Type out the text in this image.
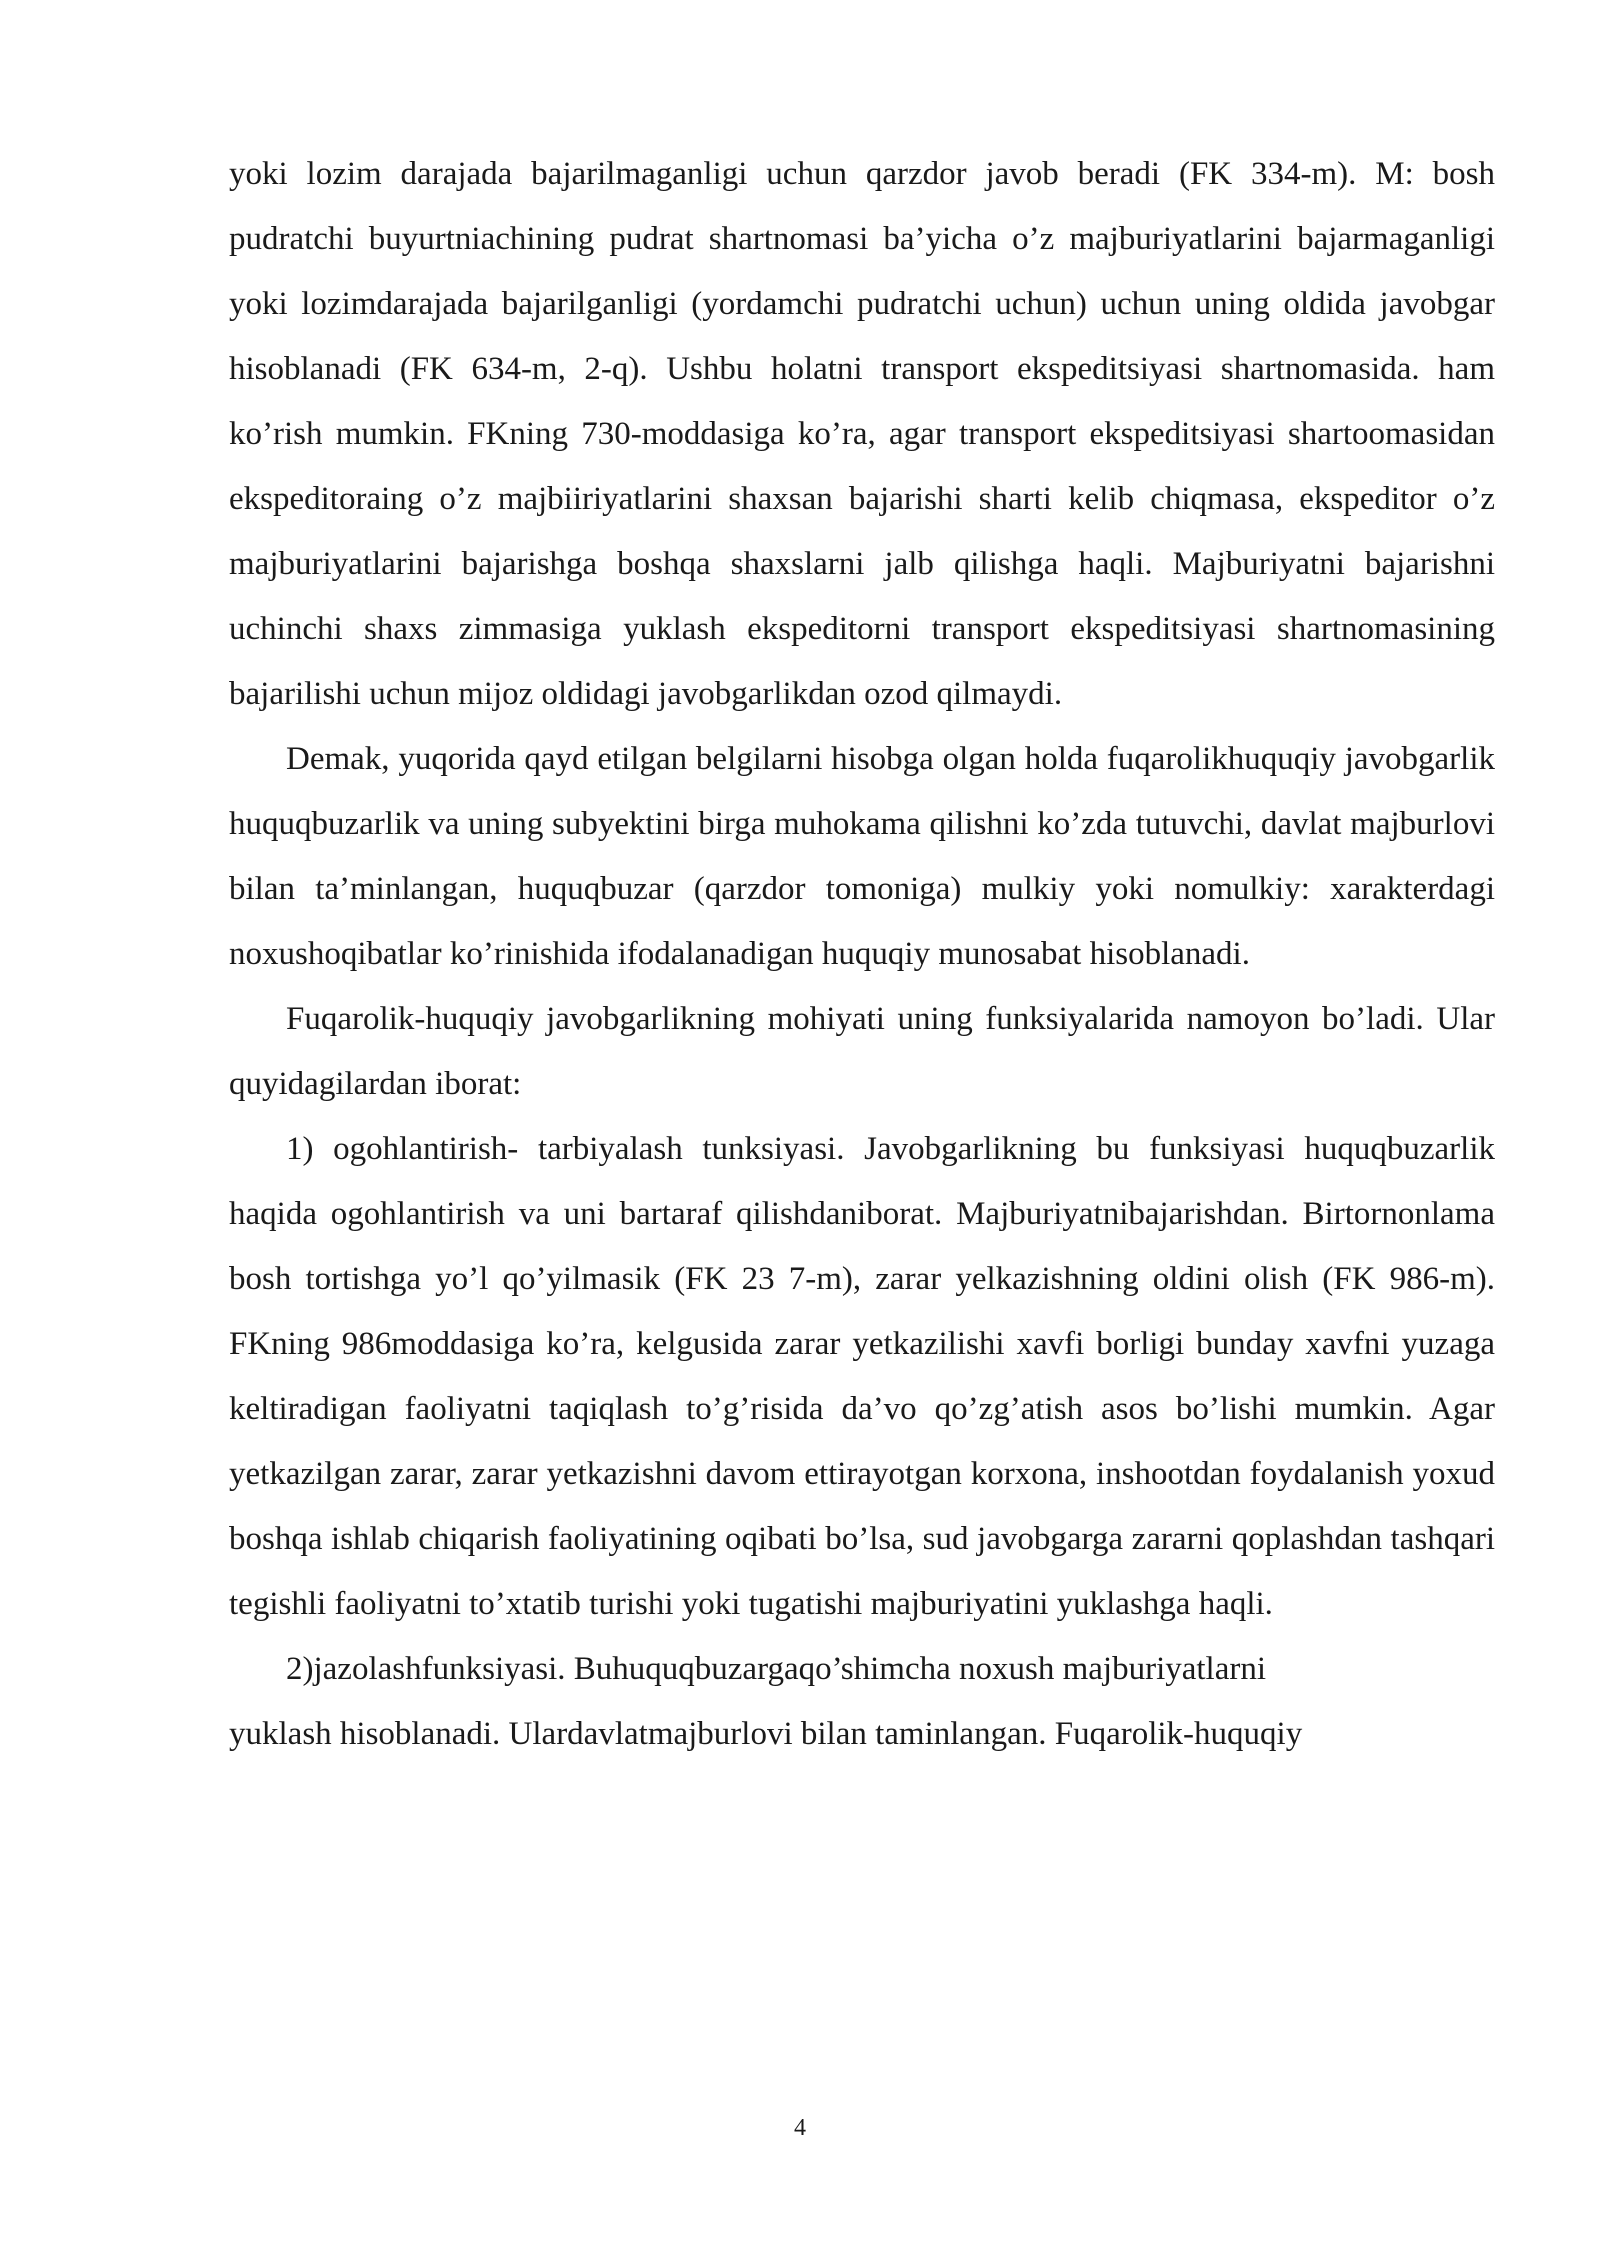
yoki lozim darajada bajarilmaganligi uchun qarzdor javob beradi (FK 334-m). M: bosh pudratchi buyurtniachining pudrat shartnomasi ba’yicha o’z majburiyatlarini bajarmaganligi yoki lozimdarajada bajarilganligi (yordamchi pudratchi uchun) uchun uning oldida javobgar hisoblanadi (FK 634-m, 2-q). Ushbu holatni transport ekspeditsiyasi shartnomasida. ham ko’rish mumkin. FKning 730-moddasiga ko’ra, agar transport ekspeditsiyasi shartoomasidan ekspeditoraing o’z majbiiriyatlarini shaxsan bajarishi sharti kelib chiqmasa, ekspeditor o’z majburiyatlarini bajarishga boshqa shaxslarni jalb qilishga haqli. Majburiyatni bajarishni uchinchi shaxs zimmasiga yuklash ekspeditorni transport ekspeditsiyasi shartnomasining bajarilishi uchun mijoz oldidagi javobgarlikdan ozod qilmaydi.

Demak, yuqorida qayd etilgan belgilarni hisobga olgan holda fuqarolikhuquqiy javobgarlik huquqbuzarlik va uning subyektini birga muhokama qilishni ko’zda tutuvchi, davlat majburlovi bilan ta’minlangan, huquqbuzar (qarzdor tomoniga) mulkiy yoki nomulkiy: xarakterdagi noxushoqibatlar ko’rinishida ifodalanadigan huquqiy munosabat hisoblanadi.

Fuqarolik-huquqiy javobgarlikning mohiyati uning funksiyalarida namoyon bo’ladi. Ular quyidagilardan iborat:

1) ogohlantirish- tarbiyalash tunksiyasi. Javobgarlikning bu funksiyasi huquqbuzarlik haqida ogohlantirish va uni bartaraf qilishdaniborat. Majburiyatnibajarishdan. Birtornonlama bosh tortishga yo’l qo’yilmasik (FK 23 7-m), zarar yelkazishning oldini olish (FK 986-m). FKning 986moddasiga ko’ra, kelgusida zarar yetkazilishi xavfi borligi bunday xavfni yuzaga keltiradigan faoliyatni taqiqlash to’g’risida da’vo qo’zg’atish asos bo’lishi mumkin. Agar yetkazilgan zarar, zarar yetkazishni davom ettirayotgan korxona, inshootdan foydalanish yoxud boshqa ishlab chiqarish faoliyatining oqibati bo’lsa, sud javobgarga zararni qoplashdan tashqari tegishli faoliyatni to’xtatib turishi yoki tugatishi majburiyatini yuklashga haqli.

2)jazolashfunksiyasi. Buhuquqbuzargaqo’shimcha noxush majburiyatlarni
yuklash hisoblanadi. Ulardavlatmajburlovi bilan taminlangan. Fuqarolik-huquqiy
4
